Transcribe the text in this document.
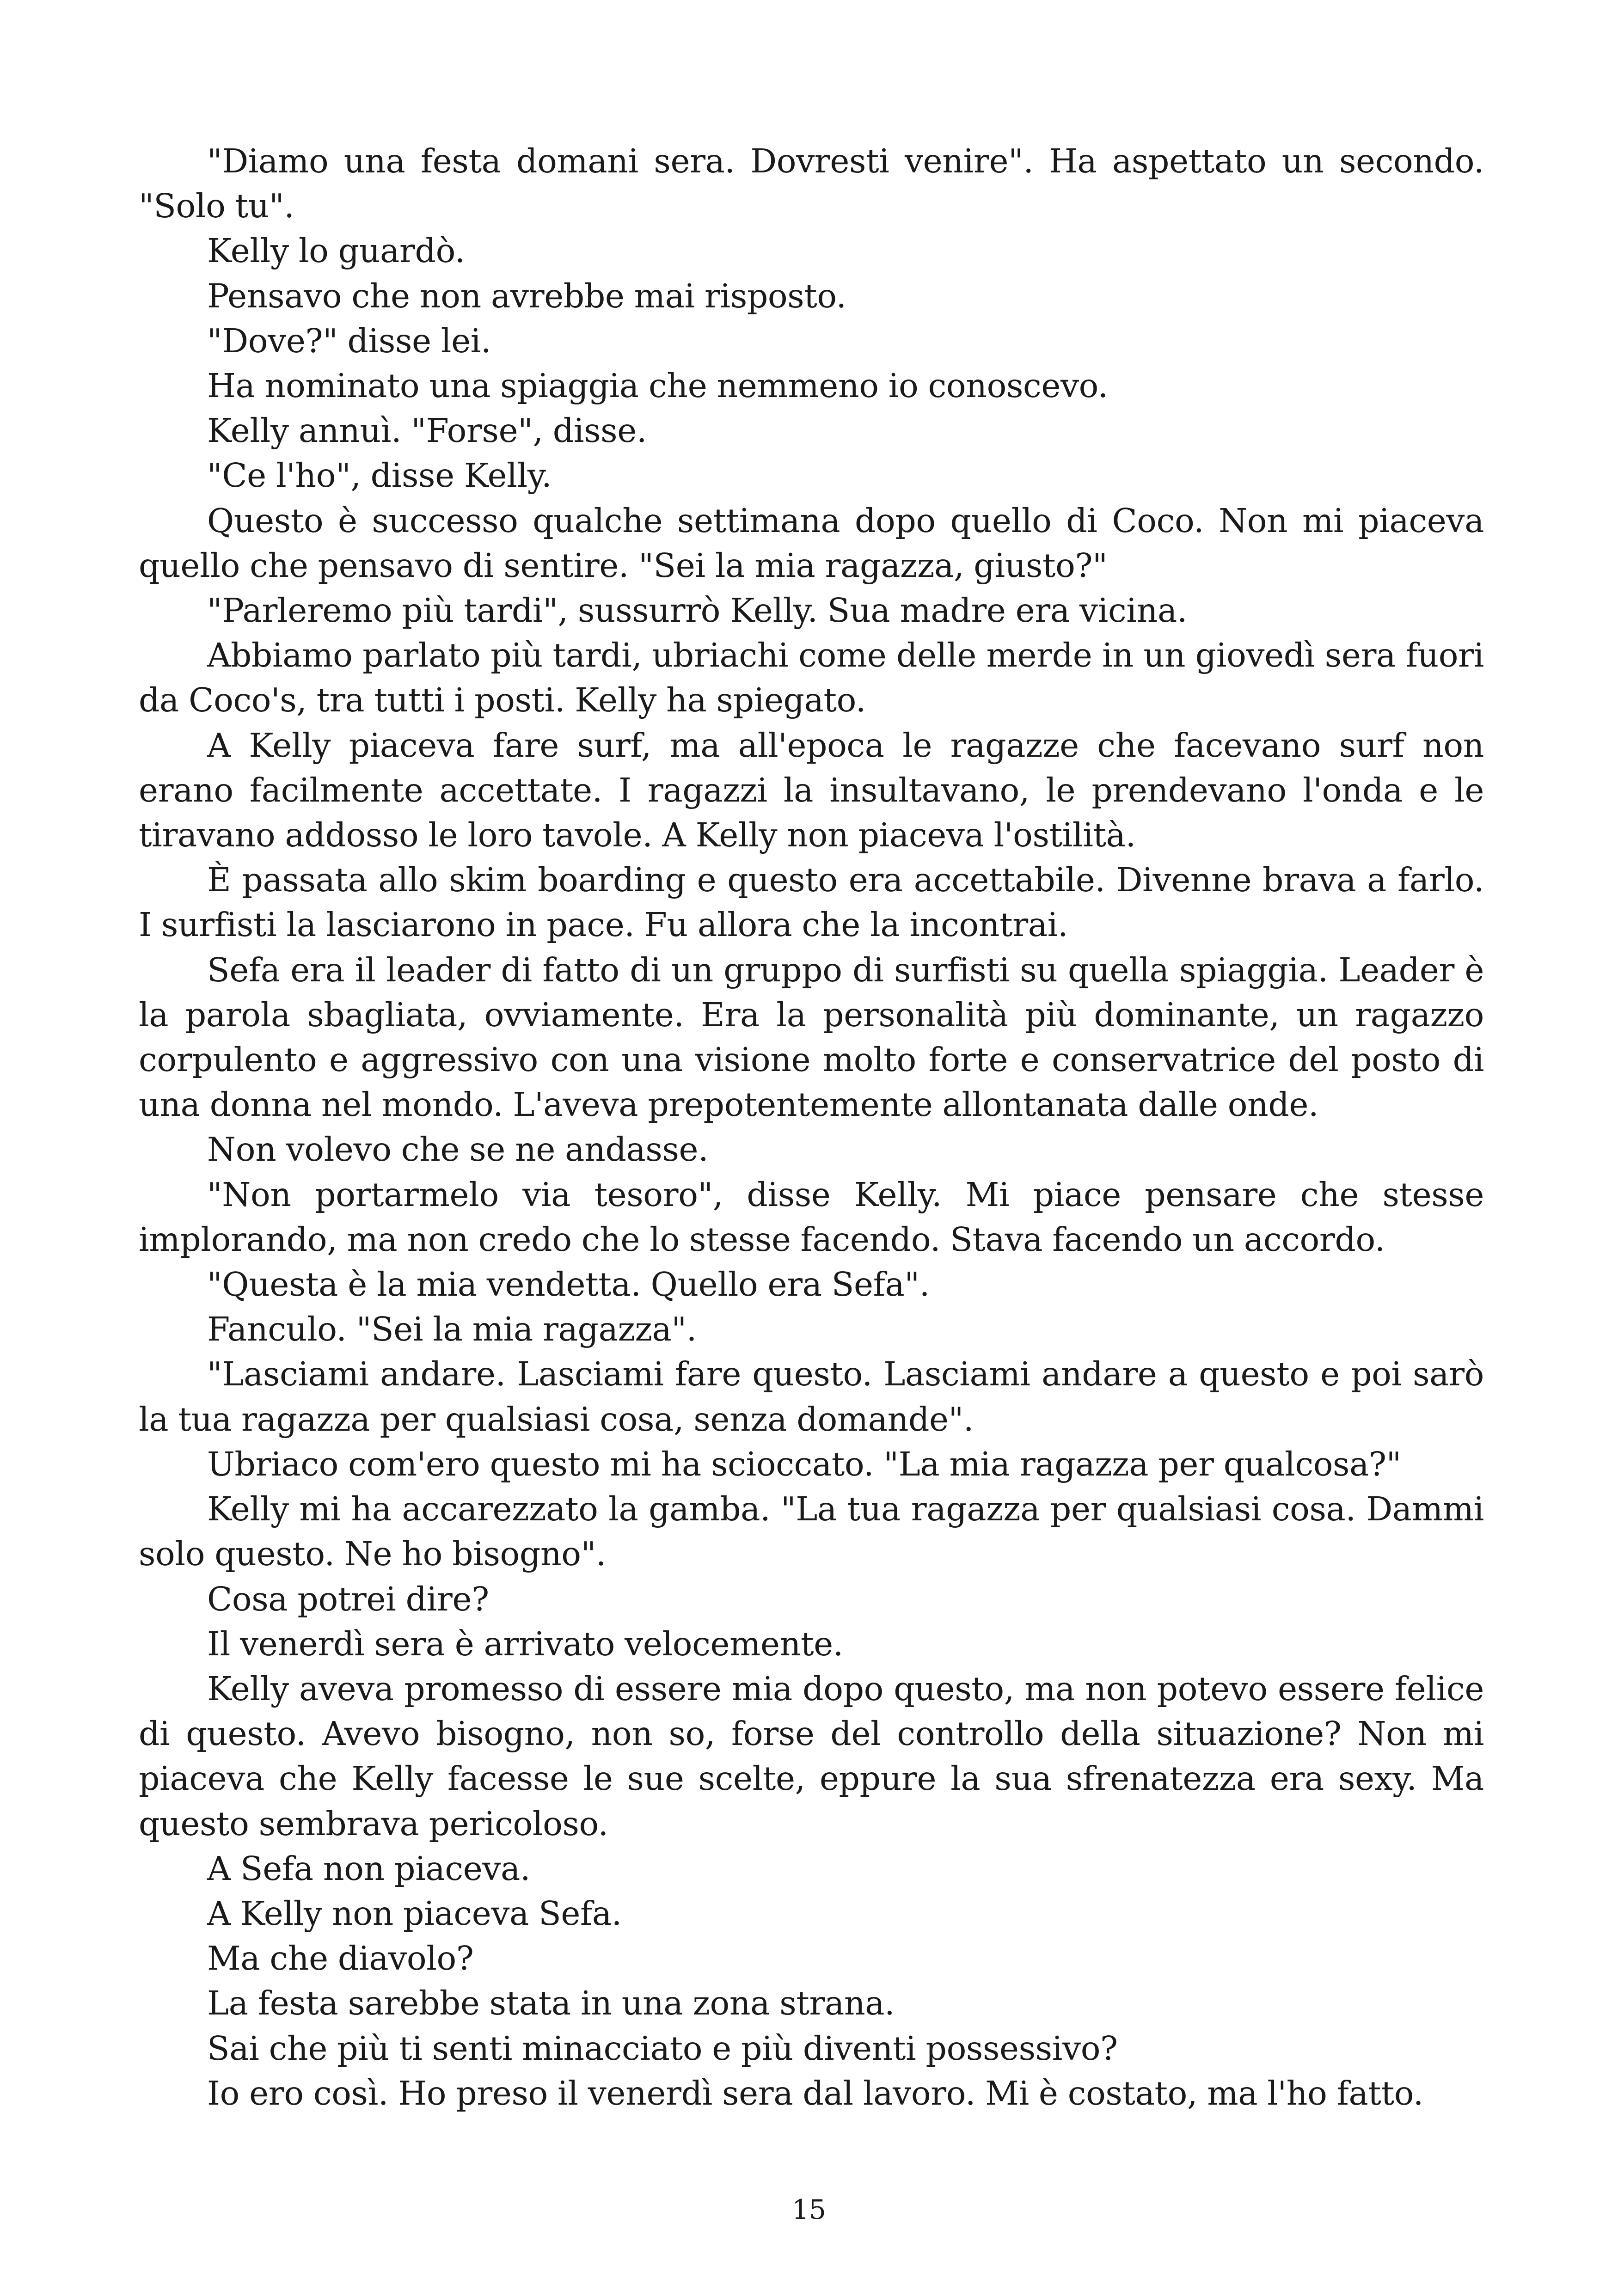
"Diamo una festa domani sera. Dovresti venire". Ha aspettato un secondo. "Solo tu".

Kelly lo guardò.

Pensavo che non avrebbe mai risposto.

"Dove?" disse lei.

Ha nominato una spiaggia che nemmeno io conoscevo.

Kelly annuì. "Forse", disse.

"Ce l'ho", disse Kelly.

Questo è successo qualche settimana dopo quello di Coco. Non mi piaceva quello che pensavo di sentire. "Sei la mia ragazza, giusto?"

"Parleremo più tardi", sussurrò Kelly. Sua madre era vicina.

Abbiamo parlato più tardi, ubriachi come delle merde in un giovedì sera fuori da Coco's, tra tutti i posti. Kelly ha spiegato.

A Kelly piaceva fare surf, ma all'epoca le ragazze che facevano surf non erano facilmente accettate. I ragazzi la insultavano, le prendevano l'onda e le tiravano addosso le loro tavole. A Kelly non piaceva l'ostilità.

È passata allo skim boarding e questo era accettabile. Divenne brava a farlo. I surfisti la lasciarono in pace. Fu allora che la incontrai.

Sefa era il leader di fatto di un gruppo di surfisti su quella spiaggia. Leader è la parola sbagliata, ovviamente. Era la personalità più dominante, un ragazzo corpulento e aggressivo con una visione molto forte e conservatrice del posto di una donna nel mondo. L'aveva prepotentemente allontanata dalle onde.

Non volevo che se ne andasse.

"Non portarmelo via tesoro", disse Kelly. Mi piace pensare che stesse implorando, ma non credo che lo stesse facendo. Stava facendo un accordo.

"Questa è la mia vendetta. Quello era Sefa".

Fanculo. "Sei la mia ragazza".

"Lasciami andare. Lasciami fare questo. Lasciami andare a questo e poi sarò la tua ragazza per qualsiasi cosa, senza domande".

Ubriaco com'ero questo mi ha scioccato. "La mia ragazza per qualcosa?"

Kelly mi ha accarezzato la gamba. "La tua ragazza per qualsiasi cosa. Dammi solo questo. Ne ho bisogno".

Cosa potrei dire?

Il venerdì sera è arrivato velocemente.

Kelly aveva promesso di essere mia dopo questo, ma non potevo essere felice di questo. Avevo bisogno, non so, forse del controllo della situazione? Non mi piaceva che Kelly facesse le sue scelte, eppure la sua sfrenatezza era sexy. Ma questo sembrava pericoloso.

A Sefa non piaceva.

A Kelly non piaceva Sefa.

Ma che diavolo?

La festa sarebbe stata in una zona strana.

Sai che più ti senti minacciato e più diventi possessivo?

Io ero così. Ho preso il venerdì sera dal lavoro. Mi è costato, ma l'ho fatto.

15
